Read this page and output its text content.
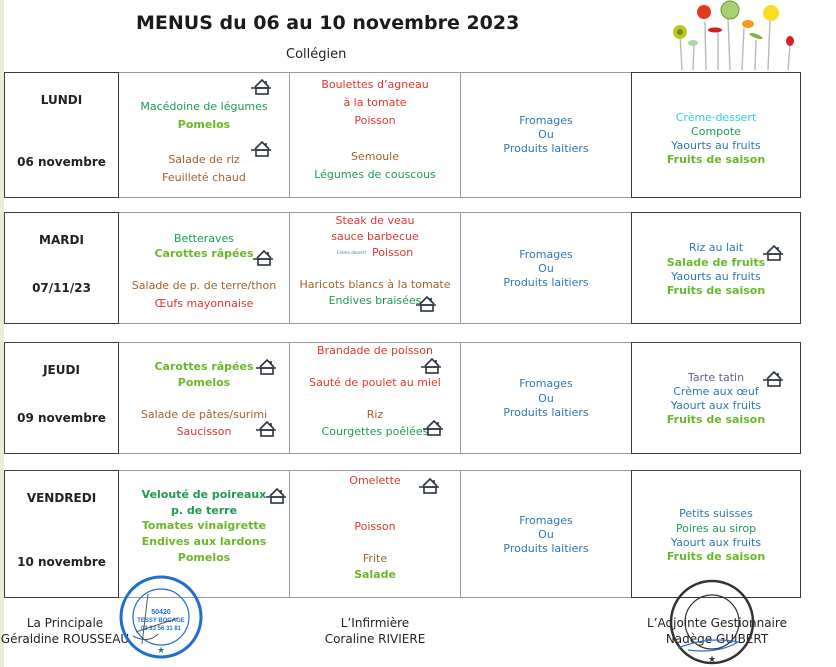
MENUS du 06 au 10 novembre 2023
Collégien
LUNDI
06 novembre
Macédoine de légumes
Pomelos
Salade de riz
Feuilleté chaud
Boulettes d’agneau
à la tomate
Poisson
Semoule
Légumes de couscous
Fromages
Ou
Produits laitiers
Crème·dessert
Compote
Yaourts au fruits
Fruits de saison
MARDI
07/11/23
Betteraves
Carottes râpées
Salade de p. de terre/thon
Œufs mayonnaise
Steak de veau
sauce barbecue
Crème dessert Poisson
Haricots blancs à la tomate
Endives braisées
Fromages
Ou
Produits laitiers
Riz au lait
Salade de fruits
Yaourts au fruits
Fruits de saison
JEUDI
09 novembre
Carottes râpées
Pomelos
Salade de pâtes/surimi
Saucisson
Brandade de poisson
Sauté de poulet au miel
Riz
Courgettes poêlées
Fromages
Ou
Produits laitiers
Tarte tatin
Crème aux œuf
Yaourt aux fruits
Fruits de saison
VENDREDI
10 novembre
Velouté de poireaux
p. de terre
Tomates vinaigrette
Endives aux lardons
Pomelos
Omelette
Poisson
Frite
Salade
Fromages
Ou
Produits laitiers
Petits suisses
Poires au sirop
Yaourt aux fruits
Fruits de saison
La Principale
Géraldine ROUSSEAU
L’Infirmière
Coraline RIVIERE
L’Adjointe Gestionnaire
Nadège GUIBERT
50420
TESSY BOCAGE
02 33 56 31 81
★
★
